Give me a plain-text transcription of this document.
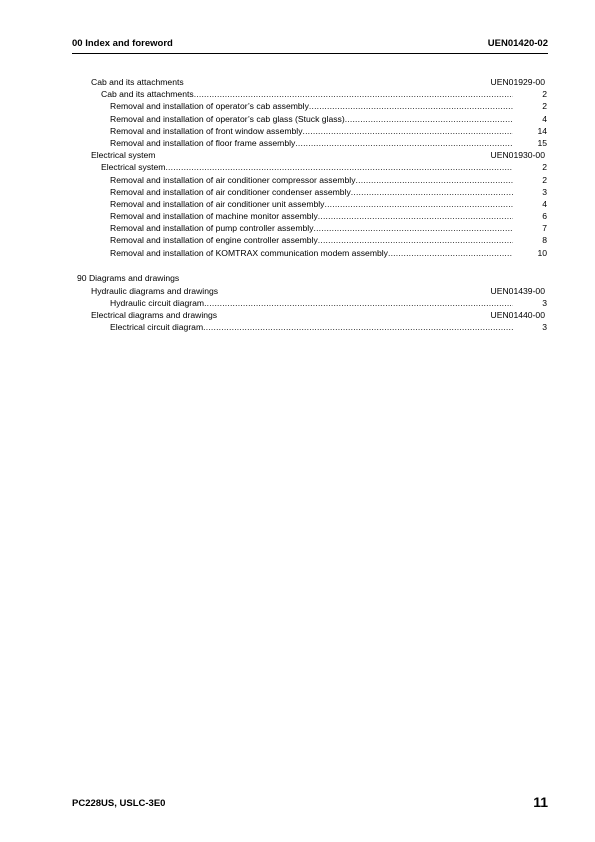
00 Index and foreword	UEN01420-02
Cab and its attachments	UEN01929-00
Cab and its attachments .....	2
Removal and installation of operator’s cab assembly .....	2
Removal and installation of operator’s cab glass (Stuck glass) .....	4
Removal and installation of front window assembly .....	14
Removal and installation of floor frame assembly .....	15
Electrical system	UEN01930-00
Electrical system .....	2
Removal and installation of air conditioner compressor assembly .....	2
Removal and installation of air conditioner condenser assembly .....	3
Removal and installation of air conditioner unit assembly .....	4
Removal and installation of machine monitor assembly .....	6
Removal and installation of pump controller assembly .....	7
Removal and installation of engine controller assembly .....	8
Removal and installation of KOMTRAX communication modem assembly .....	10
90 Diagrams and drawings
Hydraulic diagrams and drawings	UEN01439-00
Hydraulic circuit diagram .....	3
Electrical diagrams and drawings	UEN01440-00
Electrical circuit diagram .....	3
PC228US, USLC-3E0	11
